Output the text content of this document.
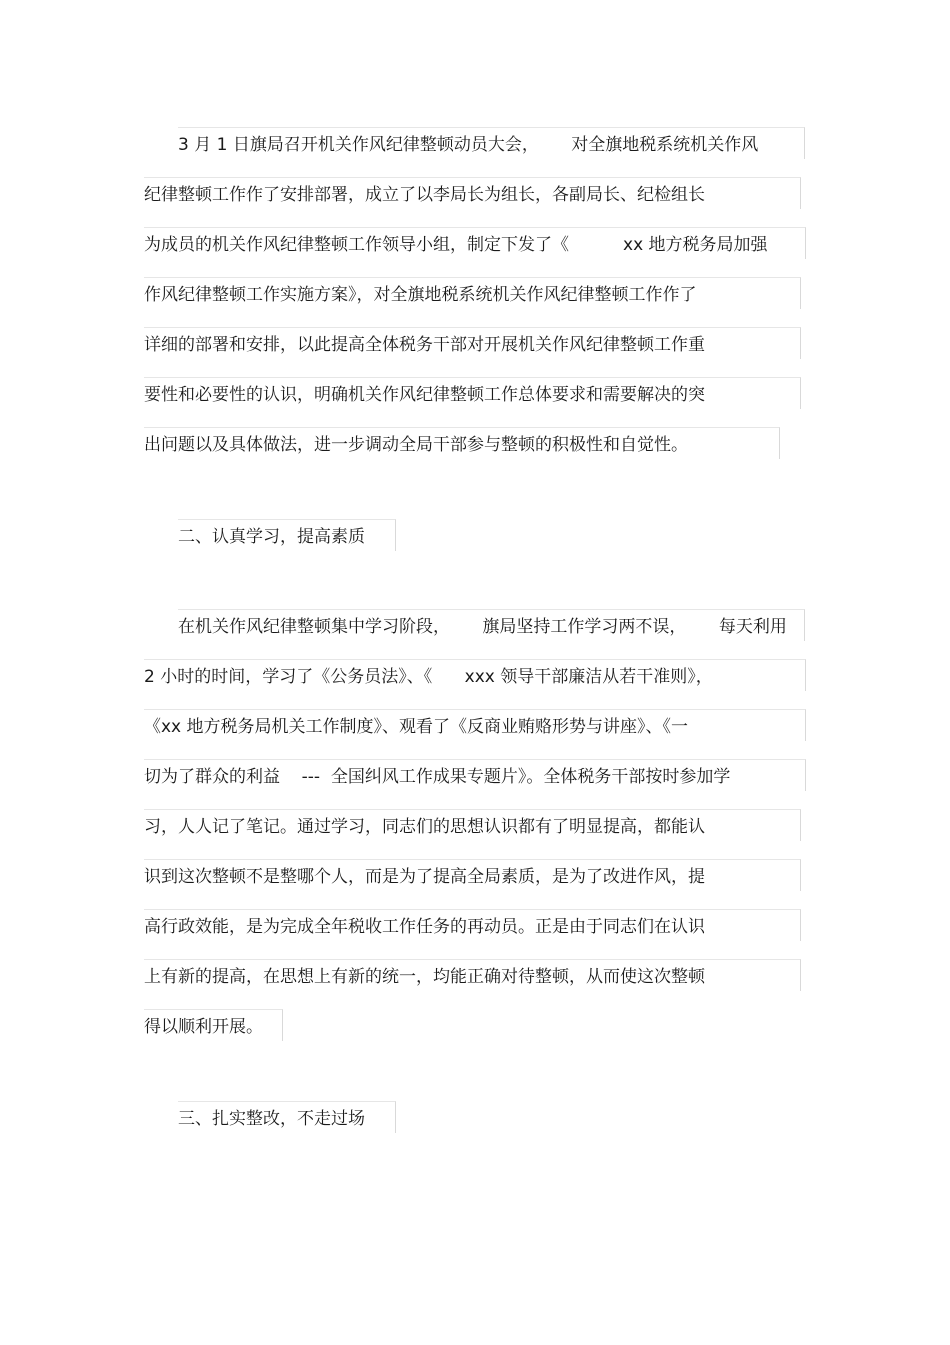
3 月 1 日旗局召开机关作风纪律整顿动员大会，      对全旗地税系统机关作风
纪律整顿工作作了安排部署，成立了以李局长为组长，各副局长、纪检组长
为成员的机关作风纪律整顿工作领导小组，制定下发了《          xx 地方税务局加强
作风纪律整顿工作实施方案》，对全旗地税系统机关作风纪律整顿工作作了
详细的部署和安排，以此提高全体税务干部对开展机关作风纪律整顿工作重
要性和必要性的认识，明确机关作风纪律整顿工作总体要求和需要解决的突
出问题以及具体做法，进一步调动全局干部参与整顿的积极性和自觉性。
二、认真学习，提高素质
在机关作风纪律整顿集中学习阶段，      旗局坚持工作学习两不误，      每天利用
2 小时的时间，学习了《公务员法》、《      xxx 领导干部廉洁从若干准则》，
《xx 地方税务局机关工作制度》、观看了《反商业贿赂形势与讲座》、《一
切为了群众的利益    ---  全国纠风工作成果专题片》。全体税务干部按时参加学
习，人人记了笔记。通过学习，同志们的思想认识都有了明显提高，都能认
识到这次整顿不是整哪个人，而是为了提高全局素质，是为了改进作风，提
高行政效能，是为完成全年税收工作任务的再动员。正是由于同志们在认识
上有新的提高，在思想上有新的统一，均能正确对待整顿，从而使这次整顿
得以顺利开展。
三、扎实整改，不走过场
